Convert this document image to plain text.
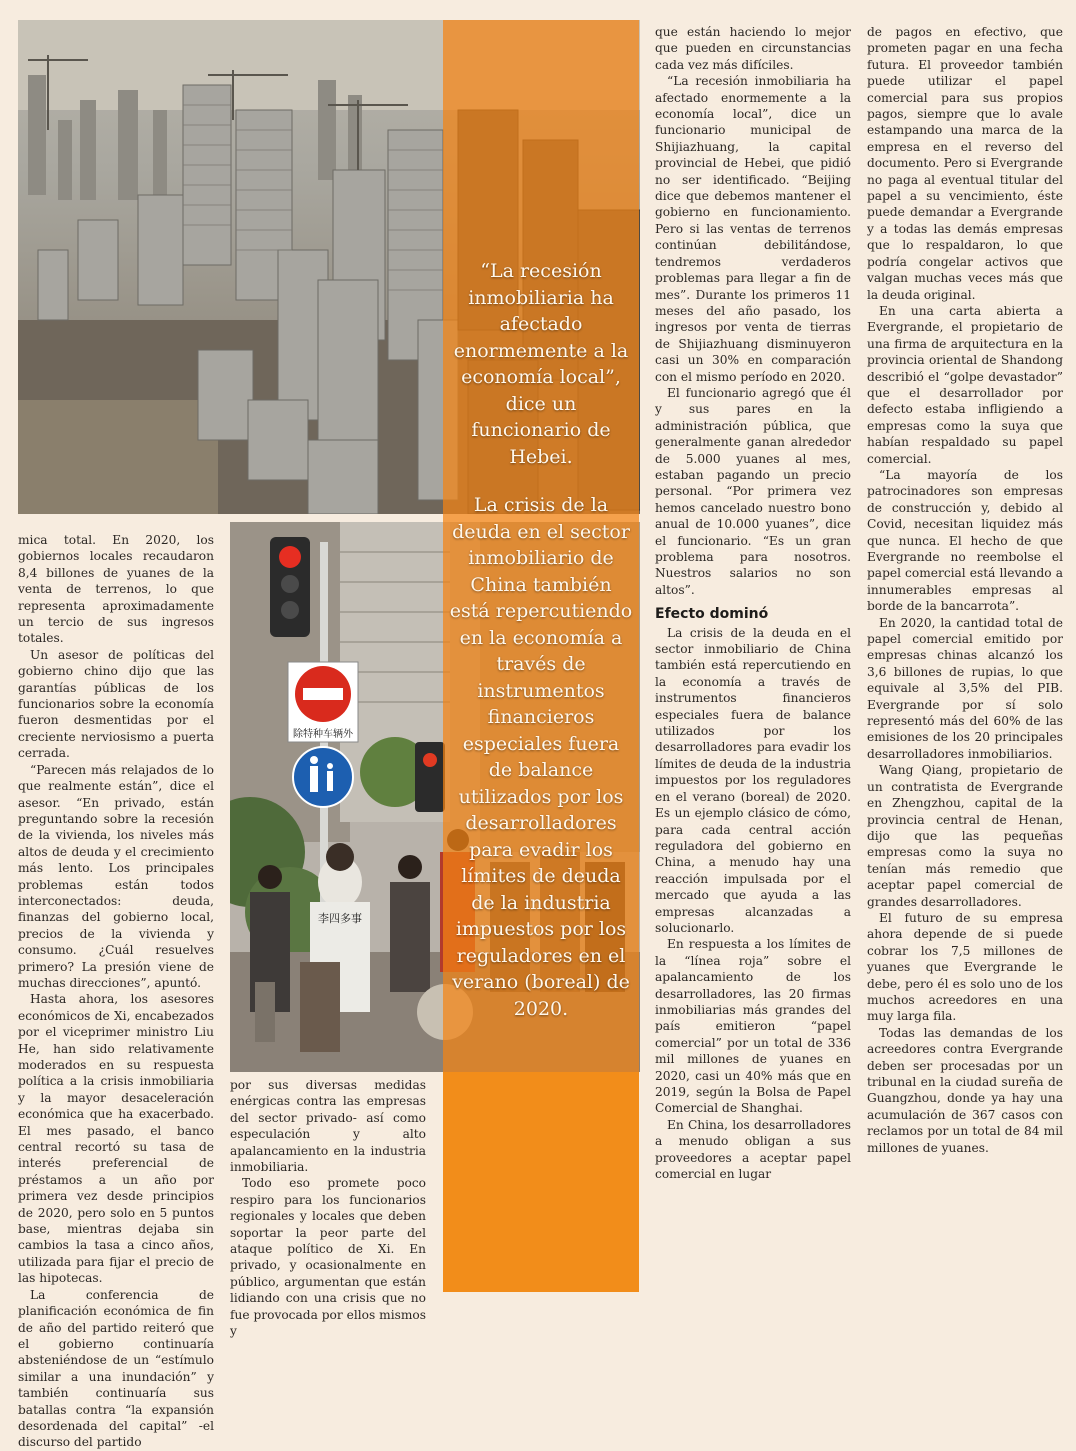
除特种车辆外
李四多事

“La recesión inmobiliaria ha afectado enormemente a la economía local”, dice un funcionario de Hebei.

La crisis de la deuda en el sector inmobiliario de China también está repercutiendo en la economía a través de instrumentos financieros especiales fuera de balance utilizados por los desarrolladores para evadir los límites de deuda de la industria impuestos por los reguladores en el verano (boreal) de 2020.

mica total. En 2020, los gobiernos locales recaudaron 8,4 billones de yuanes de la venta de terrenos, lo que representa aproximadamente un tercio de sus ingresos totales.

Un asesor de políticas del gobierno chino dijo que las garantías públicas de los funcionarios sobre la economía fueron desmentidas por el creciente nerviosismo a puerta cerrada.

“Parecen más relajados de lo que realmente están”, dice el asesor. “En privado, están preguntando sobre la recesión de la vivienda, los niveles más altos de deuda y el crecimiento más lento. Los principales problemas están todos interconectados: deuda, finanzas del gobierno local, precios de la vivienda y consumo. ¿Cuál resuelves primero? La presión viene de muchas direcciones”, apuntó.

Hasta ahora, los asesores económicos de Xi, encabezados por el viceprimer ministro Liu He, han sido relativamente moderados en su respuesta política a la crisis inmobiliaria y la mayor desaceleración económica que ha exacerbado. El mes pasado, el banco central recortó su tasa de interés preferencial de préstamos a un año por primera vez desde principios de 2020, pero solo en 5 puntos base, mientras dejaba sin cambios la tasa a cinco años, utilizada para fijar el precio de las hipotecas.

La conferencia de planificación económica de fin de año del partido reiteró que el gobierno continuaría absteniéndose de un “estímulo similar a una inundación” y también continuaría sus batallas contra “la expansión desordenada del capital” -el discurso del partido

por sus diversas medidas enérgicas contra las empresas del sector privado- así como especulación y alto apalancamiento en la industria inmobiliaria.

Todo eso promete poco respiro para los funcionarios regionales y locales que deben soportar la peor parte del ataque político de Xi. En privado, y ocasionalmente en público, argumentan que están lidiando con una crisis que no fue provocada por ellos mismos y

que están haciendo lo mejor que pueden en circunstancias cada vez más difíciles.

“La recesión inmobiliaria ha afectado enormemente a la economía local”, dice un funcionario municipal de Shijiazhuang, la capital provincial de Hebei, que pidió no ser identificado. “Beijing dice que debemos mantener el gobierno en funcionamiento. Pero si las ventas de terrenos continúan debilitándose, tendremos verdaderos problemas para llegar a fin de mes”. Durante los primeros 11 meses del año pasado, los ingresos por venta de tierras de Shijiazhuang disminuyeron casi un 30% en comparación con el mismo período en 2020.

El funcionario agregó que él y sus pares en la administración pública, que generalmente ganan alrededor de 5.000 yuanes al mes, estaban pagando un precio personal. “Por primera vez hemos cancelado nuestro bono anual de 10.000 yuanes”, dice el funcionario. “Es un gran problema para nosotros. Nuestros salarios no son altos”.

Efecto dominó

La crisis de la deuda en el sector inmobiliario de China también está repercutiendo en la economía a través de instrumentos financieros especiales fuera de balance utilizados por los desarrolladores para evadir los límites de deuda de la industria impuestos por los reguladores en el verano (boreal) de 2020. Es un ejemplo clásico de cómo, para cada central acción reguladora del gobierno en China, a menudo hay una reacción impulsada por el mercado que ayuda a las empresas alcanzadas a solucionarlo.

En respuesta a los límites de la “línea roja” sobre el apalancamiento de los desarrolladores, las 20 firmas inmobiliarias más grandes del país emitieron “papel comercial” por un total de 336 mil millones de yuanes en 2020, casi un 40% más que en 2019, según la Bolsa de Papel Comercial de Shanghai.

En China, los desarrolladores a menudo obligan a sus proveedores a aceptar papel comercial en lugar

de pagos en efectivo, que prometen pagar en una fecha futura. El proveedor también puede utilizar el papel comercial para sus propios pagos, siempre que lo avale estampando una marca de la empresa en el reverso del documento. Pero si Evergrande no paga al eventual titular del papel a su vencimiento, éste puede demandar a Evergrande y a todas las demás empresas que lo respaldaron, lo que podría congelar activos que valgan muchas veces más que la deuda original.

En una carta abierta a Evergrande, el propietario de una firma de arquitectura en la provincia oriental de Shandong describió el “golpe devastador” que el desarrollador por defecto estaba infligiendo a empresas como la suya que habían respaldado su papel comercial.

“La mayoría de los patrocinadores son empresas de construcción y, debido al Covid, necesitan liquidez más que nunca. El hecho de que Evergrande no reembolse el papel comercial está llevando a innumerables empresas al borde de la bancarrota”.

En 2020, la cantidad total de papel comercial emitido por empresas chinas alcanzó los 3,6 billones de rupias, lo que equivale al 3,5% del PIB. Evergrande por sí solo representó más del 60% de las emisiones de los 20 principales desarrolladores inmobiliarios.

Wang Qiang, propietario de un contratista de Evergrande en Zhengzhou, capital de la provincia central de Henan, dijo que las pequeñas empresas como la suya no tenían más remedio que aceptar papel comercial de grandes desarrolladores.

El futuro de su empresa ahora depende de si puede cobrar los 7,5 millones de yuanes que Evergrande le debe, pero él es solo uno de los muchos acreedores en una muy larga fila.

Todas las demandas de los acreedores contra Evergrande deben ser procesadas por un tribunal en la ciudad sureña de Guangzhou, donde ya hay una acumulación de 367 casos con reclamos por un total de 84 mil millones de yuanes.
